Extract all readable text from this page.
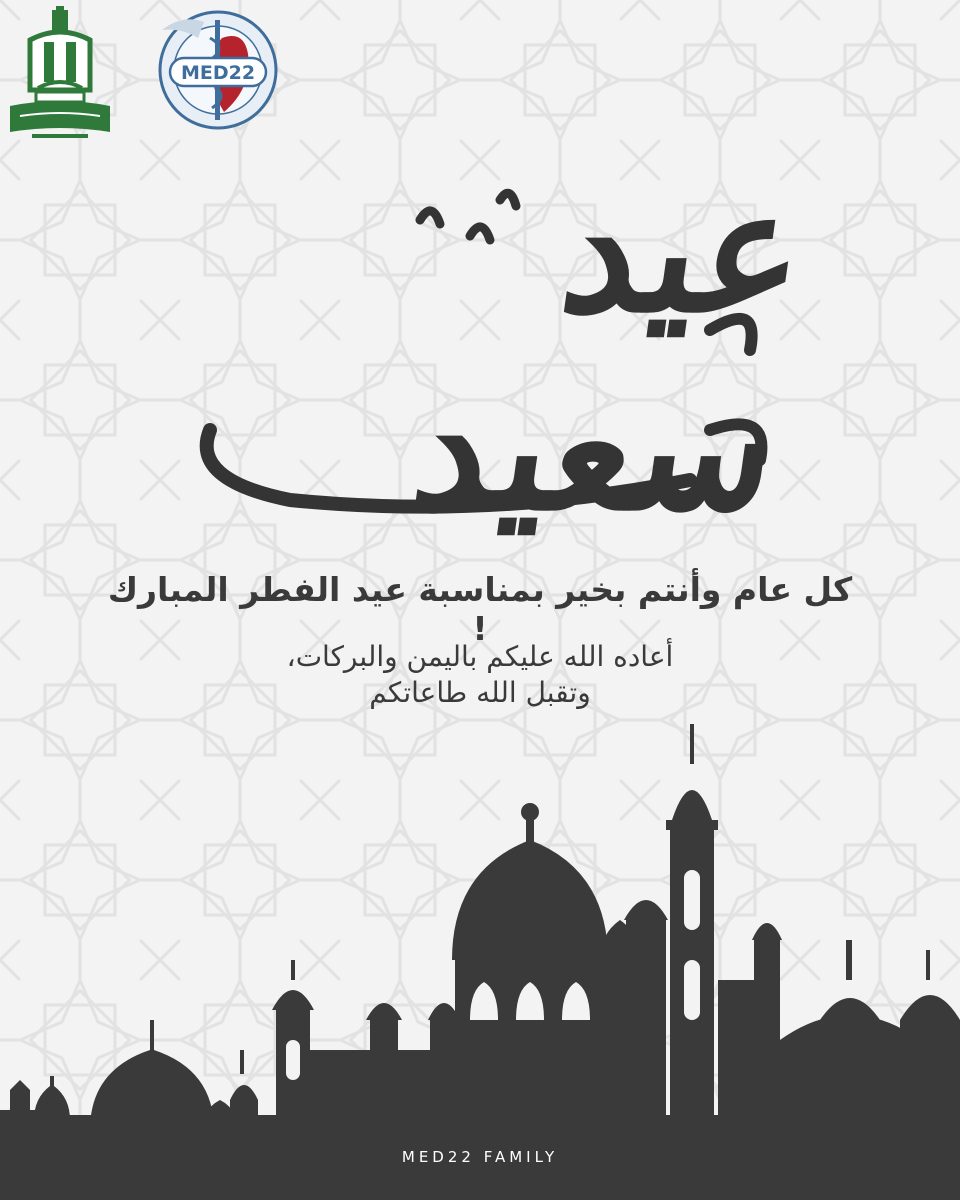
MED22
عيد سعيد
كل عام وأنتم بخير بمناسبة عيد الفطر المبارك !
أعاده الله عليكم باليمن والبركات،
وتقبل الله طاعاتكم
MED22 FAMILY
